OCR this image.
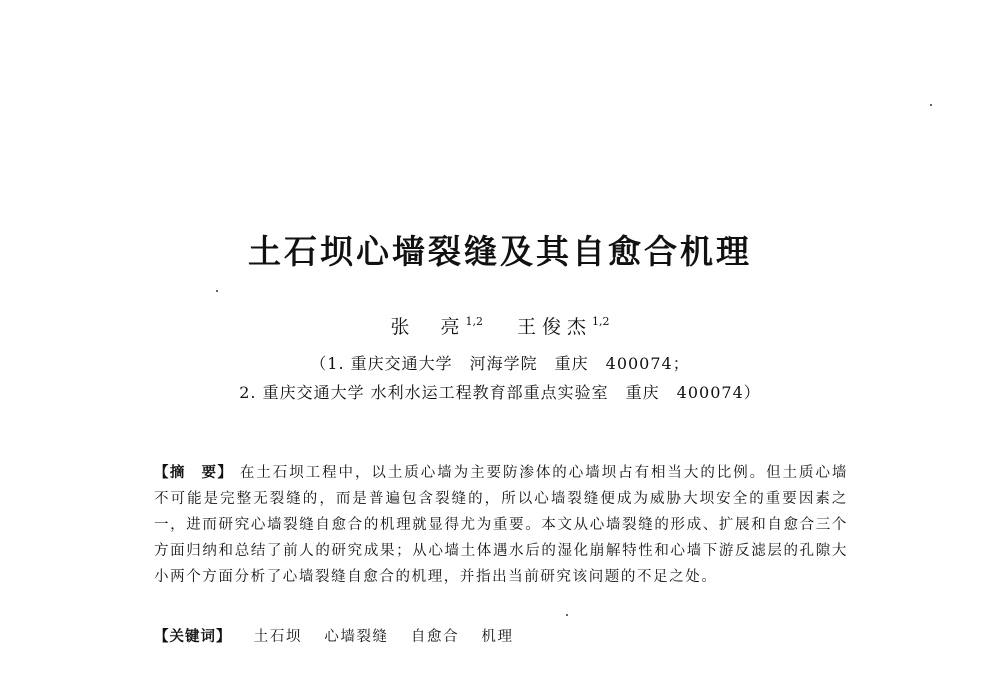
土石坝心墙裂缝及其自愈合机理
张　亮$^{1,2}$ 王俊杰$^{1,2}$
（1. 重庆交通大学　河海学院　重庆　400074；
2. 重庆交通大学 水利水运工程教育部重点实验室　重庆　400074）
【摘　要】 在土石坝工程中，以土质心墙为主要防渗体的心墙坝占有相当大的比例。但土质心墙不可能是完整无裂缝的，而是普遍包含裂缝的，所以心墙裂缝便成为威胁大坝安全的重要因素之一，进而研究心墙裂缝自愈合的机理就显得尤为重要。本文从心墙裂缝的形成、扩展和自愈合三个方面归纳和总结了前人的研究成果；从心墙土体遇水后的湿化崩解特性和心墙下游反滤层的孔隙大小两个方面分析了心墙裂缝自愈合的机理，并指出当前研究该问题的不足之处。
【关键词】 土石坝 心墙裂缝 自愈合 机理
